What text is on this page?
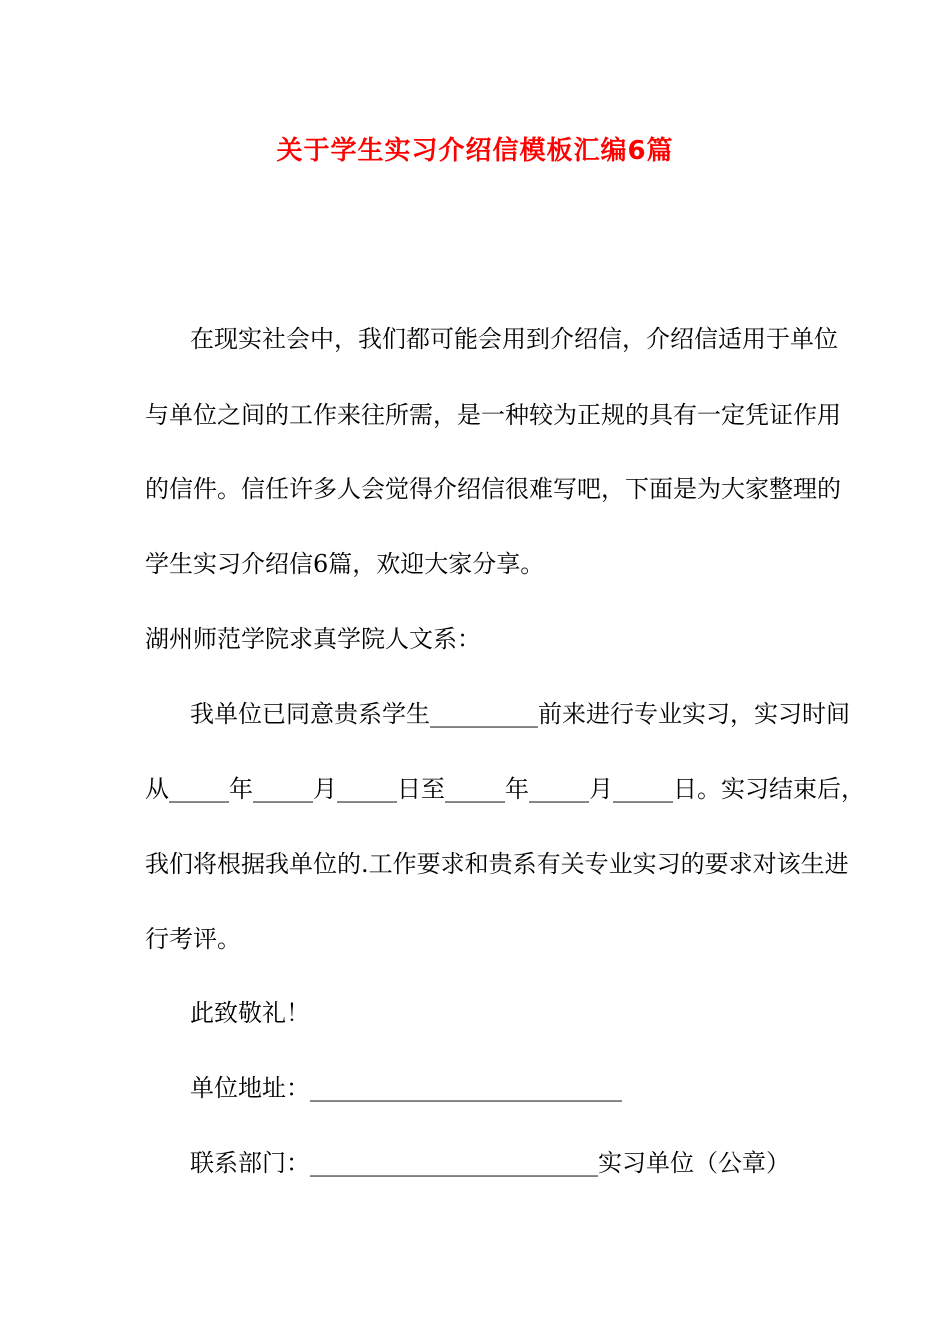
关于学生实习介绍信模板汇编6篇
在现实社会中，我们都可能会用到介绍信，介绍信适用于单位
与单位之间的工作来往所需，是一种较为正规的具有一定凭证作用
的信件。信任许多人会觉得介绍信很难写吧，下面是为大家整理的
学生实习介绍信6篇，欢迎大家分享。
湖州师范学院求真学院人文系：
我单位已同意贵系学生_________前来进行专业实习，实习时间
从_____年_____月_____日至_____年_____月_____日。实习结束后，
我们将根据我单位的.工作要求和贵系有关专业实习的要求对该生进
行考评。
此致敬礼！
单位地址：__________________________
联系部门：________________________实习单位（公章）
